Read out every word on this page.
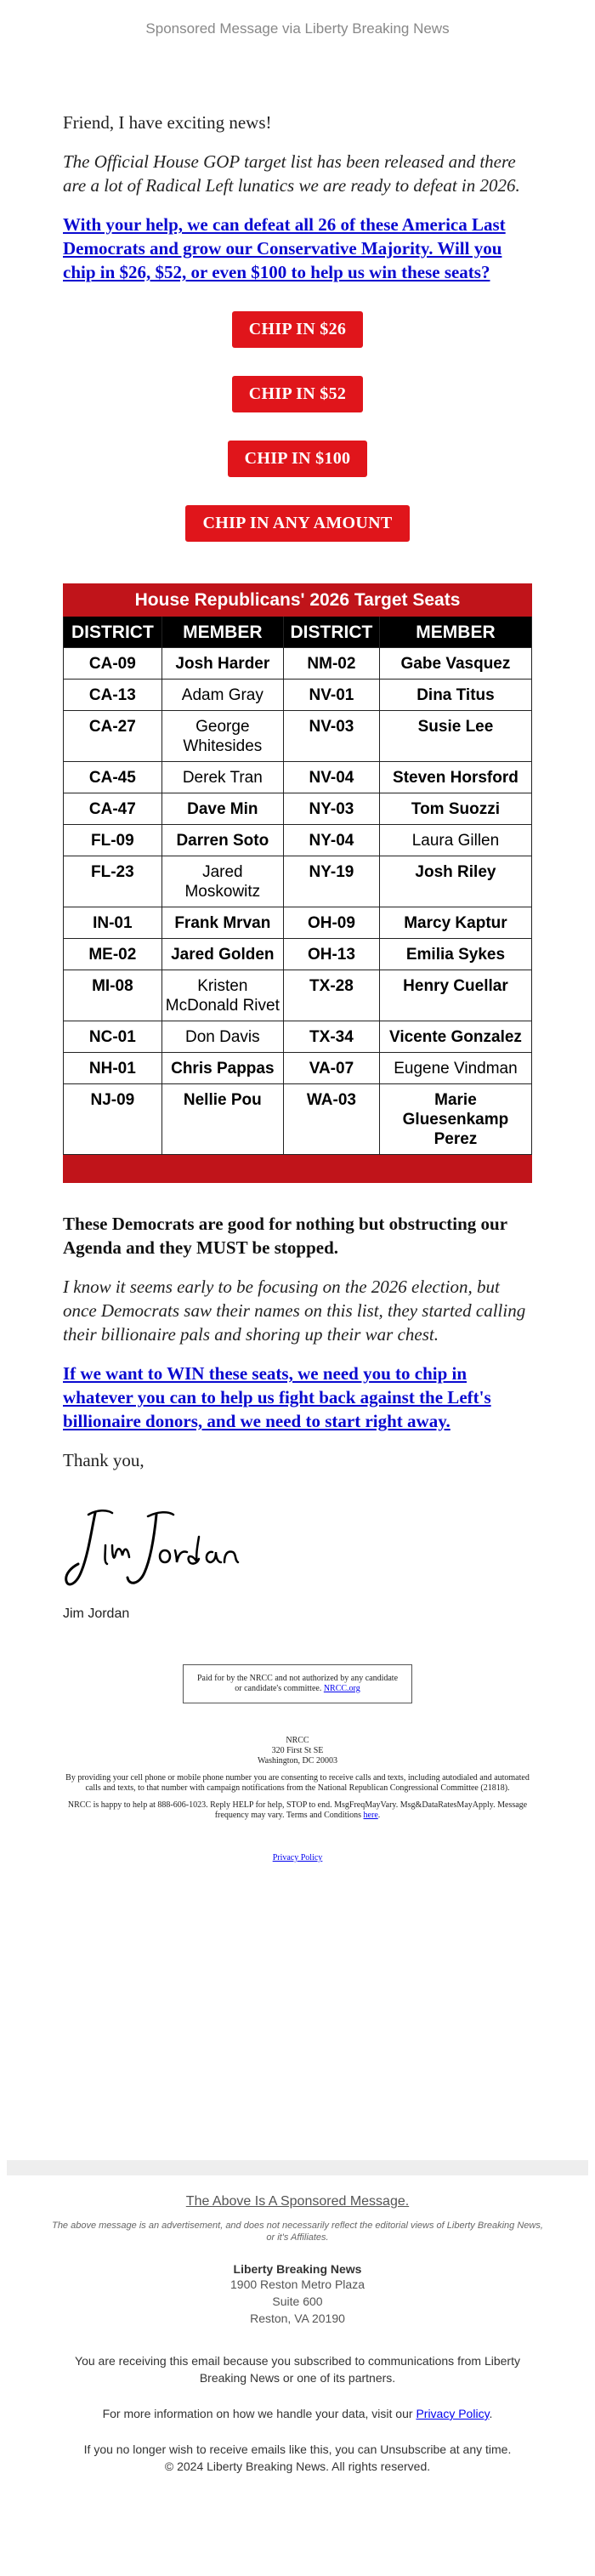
Sponsored Message via Liberty Breaking News

Friend, I have exciting news!

The Official House GOP target list has been released and there are a lot of Radical Left lunatics we are ready to defeat in 2026.

With your help, we can defeat all 26 of these America Last Democrats and grow our Conservative Majority. Will you chip in $26, $52, or even $100 to help us win these seats?

CHIP IN $26
CHIP IN $52
CHIP IN $100
CHIP IN ANY AMOUNT
House Republicans' 2026 Target Seats			
DISTRICT	MEMBER	DISTRICT	MEMBER
CA-09	Josh Harder	NM-02	Gabe Vasquez
CA-13	Adam Gray	NV-01	Dina Titus
CA-27	George Whitesides	NV-03	Susie Lee
CA-45	Derek Tran	NV-04	Steven Horsford
CA-47	Dave Min	NY-03	Tom Suozzi
FL-09	Darren Soto	NY-04	Laura Gillen
FL-23	Jared Moskowitz	NY-19	Josh Riley
IN-01	Frank Mrvan	OH-09	Marcy Kaptur
ME-02	Jared Golden	OH-13	Emilia Sykes
MI-08	Kristen McDonald Rivet	TX-28	Henry Cuellar
NC-01	Don Davis	TX-34	Vicente Gonzalez
NH-01	Chris Pappas	VA-07	Eugene Vindman
NJ-09	Nellie Pou	WA-03	Marie Gluesenkamp Perez

These Democrats are good for nothing but obstructing our Agenda and they MUST be stopped.

I know it seems early to be focusing on the 2026 election, but once Democrats saw their names on this list, they started calling their billionaire pals and shoring up their war chest.

If we want to WIN these seats, we need you to chip in whatever you can to help us fight back against the Left's billionaire donors, and we need to start right away.

Thank you,

Jim Jordan
Paid for by the NRCC and not authorized by any candidate or candidate's committee. NRCC.org

NRCC
320 First St SE
Washington, DC 20003

By providing your cell phone or mobile phone number you are consenting to receive calls and texts, including autodialed and automated calls and texts, to that number with campaign notifications from the National Republican Congressional Committee (21818).

NRCC is happy to help at 888-606-1023. Reply HELP for help, STOP to end. MsgFreqMayVary. Msg&DataRatesMayApply. Message frequency may vary. Terms and Conditions here.

Privacy Policy
The Above Is A Sponsored Message.
The above message is an advertisement, and does not necessarily reflect the editorial views of Liberty Breaking News, or it's Affiliates.
Liberty Breaking News
1900 Reston Metro Plaza
Suite 600
Reston, VA 20190
You are receiving this email because you subscribed to communications from Liberty Breaking News or one of its partners.
For more information on how we handle your data, visit our Privacy Policy.
If you no longer wish to receive emails like this, you can Unsubscribe at any time.
© 2024 Liberty Breaking News. All rights reserved.
